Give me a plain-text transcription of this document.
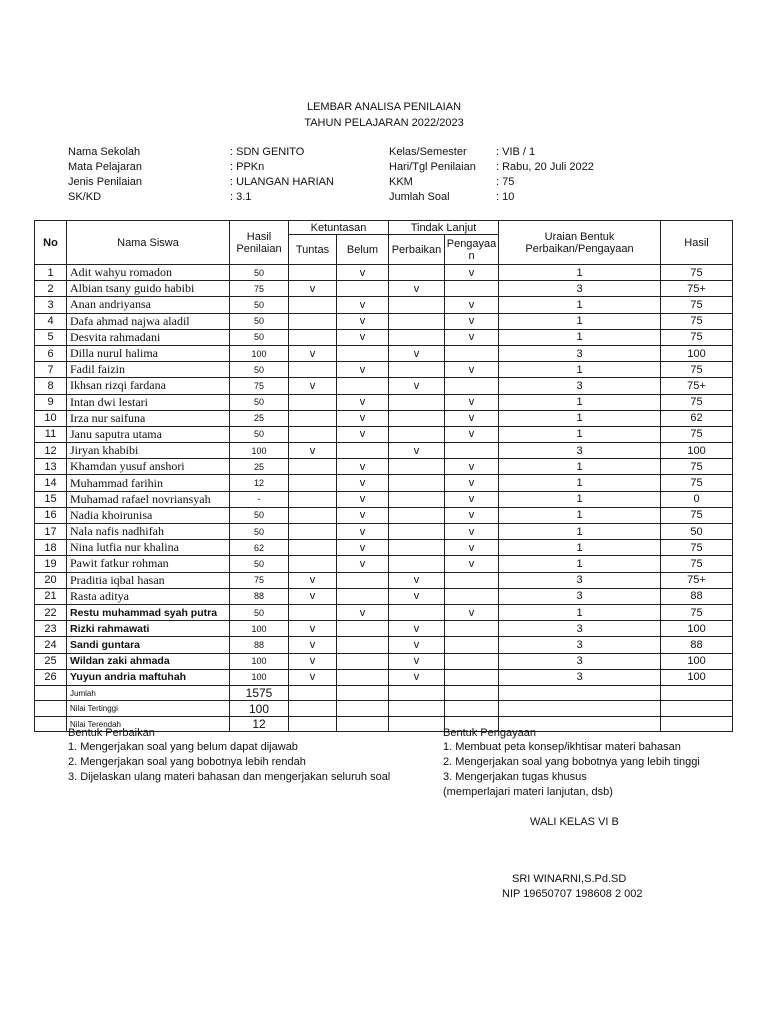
LEMBAR ANALISA PENILAIAN
TAHUN PELAJARAN 2022/2023
Nama Sekolah	: SDN GENITO
Mata Pelajaran	: PPKn
Jenis Penilaian	: ULANGAN HARIAN
SK/KD	: 3.1
Kelas/Semester	: VIB / 1
Hari/Tgl Penilaian : Rabu, 20 Juli 2022
KKM	: 75
Jumlah Soal	: 10
No	Nama Siswa	Hasil Penilaian	Ketuntasan		Tindak Lanjut		Uraian Bentuk Perbaikan/Pengayaan	Hasil
			Tuntas	Belum	Perbaikan	Pengayaan		
1	Adit wahyu romadon	50		v		v	1	75
2	Albian tsany guido habibi	75	v		v		3	75+
3	Anan andriyansa	50		v		v	1	75
4	Dafa ahmad najwa aladil	50		v		v	1	75
5	Desvita rahmadani	50		v		v	1	75
6	Dilla nurul halima	100	v		v		3	100
7	Fadil faizin	50		v		v	1	75
8	Ikhsan rizqi fardana	75	v		v		3	75+
9	Intan dwi lestari	50		v		v	1	75
10	Irza nur saifuna	25		v		v	1	62
11	Janu saputra utama	50		v		v	1	75
12	Jiryan khabibi	100	v		v		3	100
13	Khamdan yusuf anshori	25		v		v	1	75
14	Muhammad farihin	12		v		v	1	75
15	Muhamad rafael novriansyah	-		v		v	1	0
16	Nadia khoirunisa	50		v		v	1	75
17	Nala nafis nadhifah	50		v		v	1	50
18	Nina lutfia nur khalina	62		v		v	1	75
19	Pawit fatkur rohman	50		v		v	1	75
20	Praditia iqbal hasan	75	v		v		3	75+
21	Rasta aditya	88	v		v		3	88
22	Restu muhammad syah putra	50		v		v	1	75
23	Rizki rahmawati	100	v		v		3	100
24	Sandi guntara	88	v		v		3	88
25	Wildan zaki ahmada	100	v		v		3	100
26	Yuyun andria maftuhah	100	v		v		3	100
	Jumlah	1575						
	Nilai Tertinggi	100						
	Nilai Terendah	12						
Bentuk Perbaikan
1. Mengerjakan soal yang belum dapat dijawab
2. Mengerjakan soal yang bobotnya lebih rendah
3. Dijelaskan ulang materi bahasan dan mengerjakan seluruh soal
Bentuk Pengayaan
1. Membuat peta konsep/ikhtisar materi bahasan
2. Mengerjakan soal yang bobotnya yang lebih tinggi
3. Mengerjakan tugas khusus
(memperlajari materi lanjutan, dsb)
WALI KELAS VI B
SRI WINARNI,S.Pd.SD
NIP 19650707 198608 2 002
